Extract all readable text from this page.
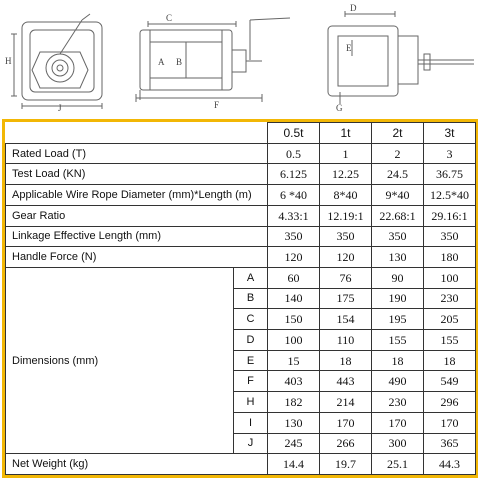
H
J
C
A B
F
D
E
G
		0.5t	1t	2t	3t
Rated Load (T)		0.5	1	2	3
Test Load (KN)		6.125	12.25	24.5	36.75
Applicable Wire Rope Diameter (mm)*Length (m)		6 *40	8*40	9*40	12.5*40
Gear Ratio		4.33:1	12.19:1	22.68:1	29.16:1
Linkage Effective Length (mm)		350	350	350	350
Handle Force (N)		120	120	130	180
Dimensions (mm)	A	60	76	90	100
	B	140	175	190	230
	C	150	154	195	205
	D	100	110	155	155
	E	15	18	18	18
	F	403	443	490	549
	H	182	214	230	296
	I	130	170	170	170
	J	245	266	300	365
Net Weight (kg)		14.4	19.7	25.1	44.3
